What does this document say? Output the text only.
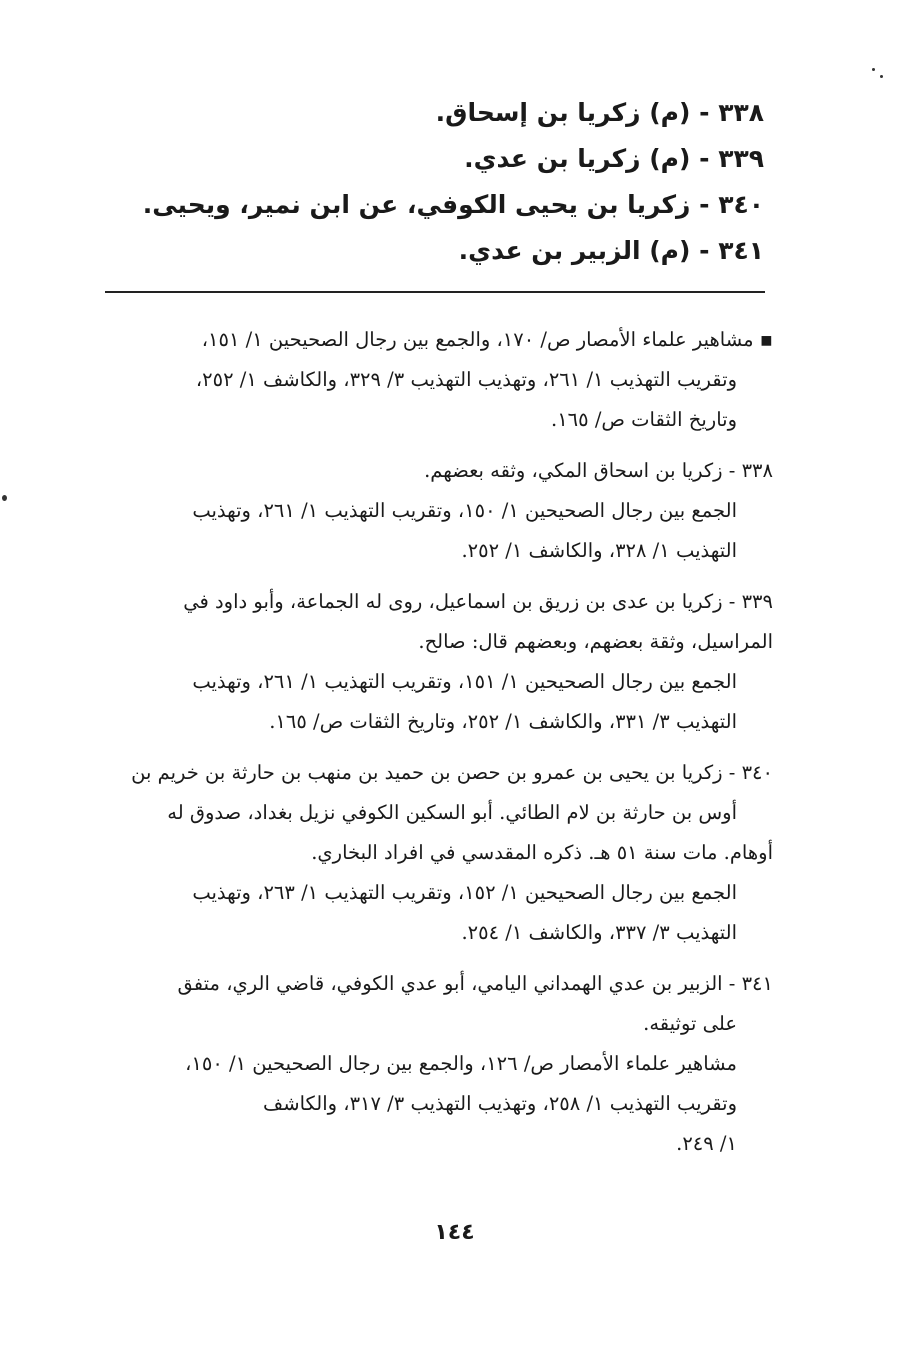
٣٣٨ - (م) زكريا بن إسحاق.
٣٣٩ - (م) زكريا بن عدي.
٣٤٠ - زكريا بن يحيى الكوفي، عن ابن نمير، ويحيى.
٣٤١ - (م) الزبير بن عدي.
▪ مشاهير علماء الأمصار ص/ ١٧٠، والجمع بين رجال الصحيحين ١/ ١٥١،
وتقريب التهذيب ١/ ٢٦١، وتهذيب التهذيب ٣/ ٣٢٩، والكاشف ١/ ٢٥٢،
وتاريخ الثقات ص/ ١٦٥.
٣٣٨ - زكريا بن اسحاق المكي، وثقه بعضهم.
الجمع بين رجال الصحيحين ١/ ١٥٠، وتقريب التهذيب ١/ ٢٦١، وتهذيب
التهذيب ١/ ٣٢٨، والكاشف ١/ ٢٥٢.
٣٣٩ - زكريا بن عدى بن زريق بن اسماعيل، روى له الجماعة، وأبو داود في
المراسيل، وثقة بعضهم، وبعضهم قال: صالح.
الجمع بين رجال الصحيحين ١/ ١٥١، وتقريب التهذيب ١/ ٢٦١، وتهذيب
التهذيب ٣/ ٣٣١، والكاشف ١/ ٢٥٢، وتاريخ الثقات ص/ ١٦٥.
٣٤٠ - زكريا بن يحيى بن عمرو بن حصن بن حميد بن منهب بن حارثة بن خريم بن
أوس بن حارثة بن لام الطائي. أبو السكين الكوفي نزيل بغداد، صدوق له
أوهام. مات سنة ٥١ هـ. ذكره المقدسي في افراد البخاري.
الجمع بين رجال الصحيحين ١/ ١٥٢، وتقريب التهذيب ١/ ٢٦٣، وتهذيب
التهذيب ٣/ ٣٣٧، والكاشف ١/ ٢٥٤.
٣٤١ - الزبير بن عدي الهمداني اليامي، أبو عدي الكوفي، قاضي الري، متفق
على توثيقه.
مشاهير علماء الأمصار ص/ ١٢٦، والجمع بين رجال الصحيحين ١/ ١٥٠،
وتقريب التهذيب ١/ ٢٥٨، وتهذيب التهذيب ٣/ ٣١٧، والكاشف
١/ ٢٤٩.
١٤٤
